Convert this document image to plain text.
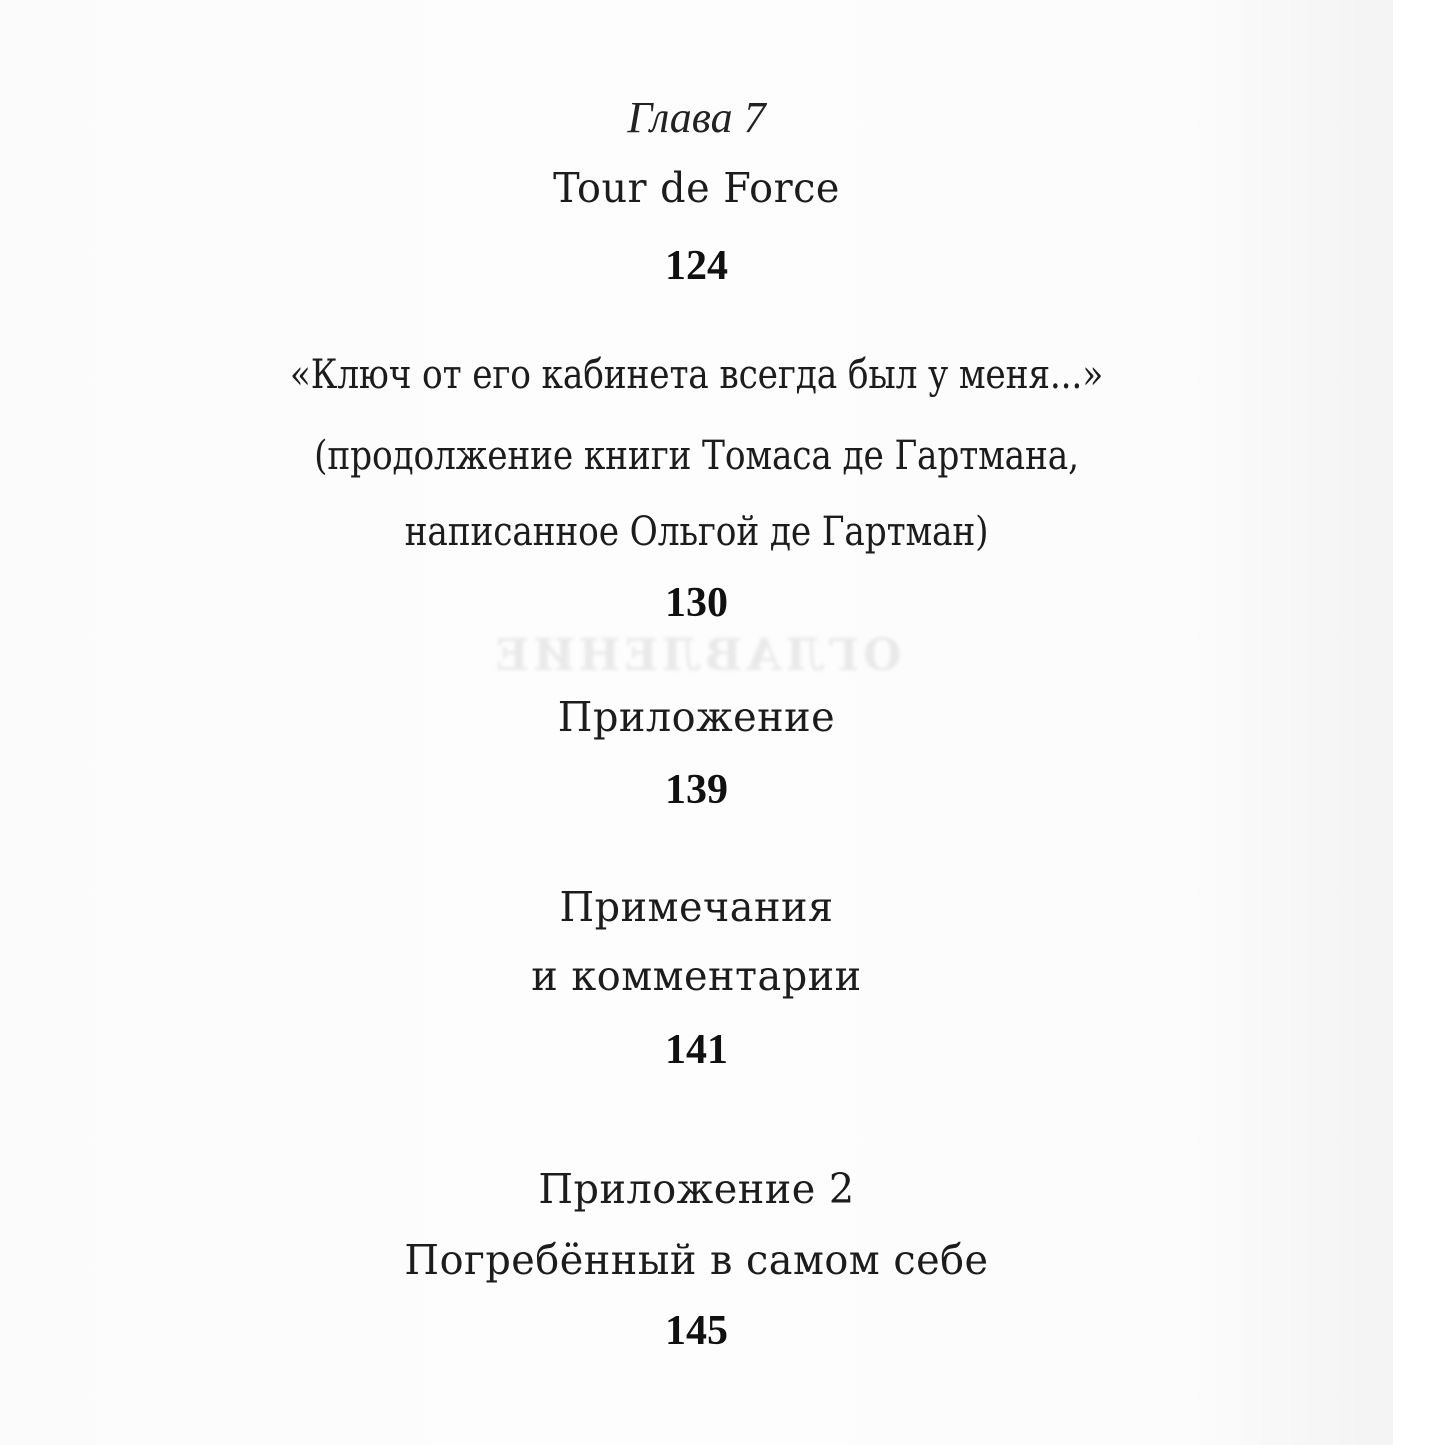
ОГЛАВЛЕНИЕ
Глава 7
Tour de Force
124
«Ключ от его кабинета всегда был у меня...»
(продолжение книги Томаса де Гартмана,
написанное Ольгой де Гартман)
130
Приложение
139
Примечания
и комментарии
141
Приложение 2
Погребённый в самом себе
145
